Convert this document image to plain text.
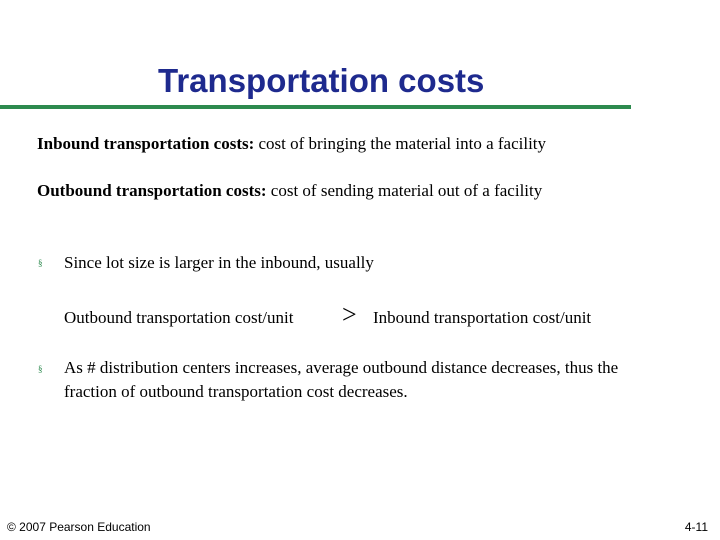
Transportation costs
Inbound transportation costs: cost of bringing the material into a facility
Outbound transportation costs: cost of sending material out of a facility
§ Since lot size is larger in the inbound, usually
Outbound transportation cost/unit > Inbound transportation cost/unit
§ As # distribution centers increases, average outbound distance decreases, thus the fraction of outbound transportation cost decreases.
© 2007 Pearson Education	4-11
